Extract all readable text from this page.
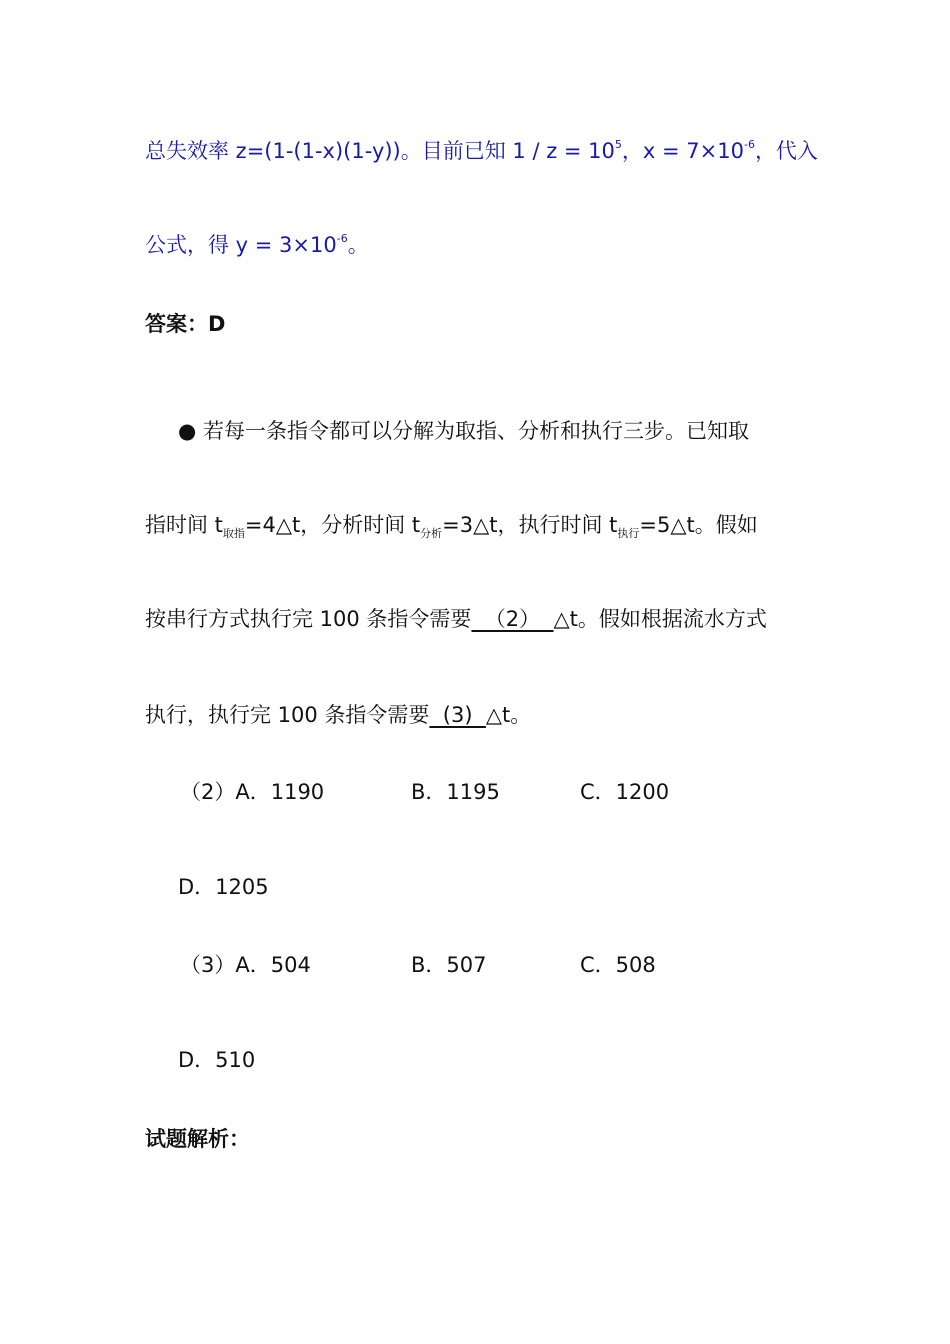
总失效率 z=(1-(1-x)(1-y))。目前已知 $1 / z = 10^5$，$x = 7\times 10^{-6}$，代入
公式，得 $y = 3\times 10^{-6}$。
答案：D
● 若每一条指令都可以分解为取指、分析和执行三步。已知取
指时间 $t_{取指}=4\triangle t$，分析时间 $t_{分析}=3\triangle t$，执行时间 $t_{执行}=5\triangle t$。假如
按串行方式执行完 100 条指令需要  （2）  △t。假如根据流水方式
执行，执行完 100 条指令需要  (3)  △t。
（2）A．1190	B．1195	C．1200
D．1205
（3）A．504	B．507	C．508
D．510
试题解析：
